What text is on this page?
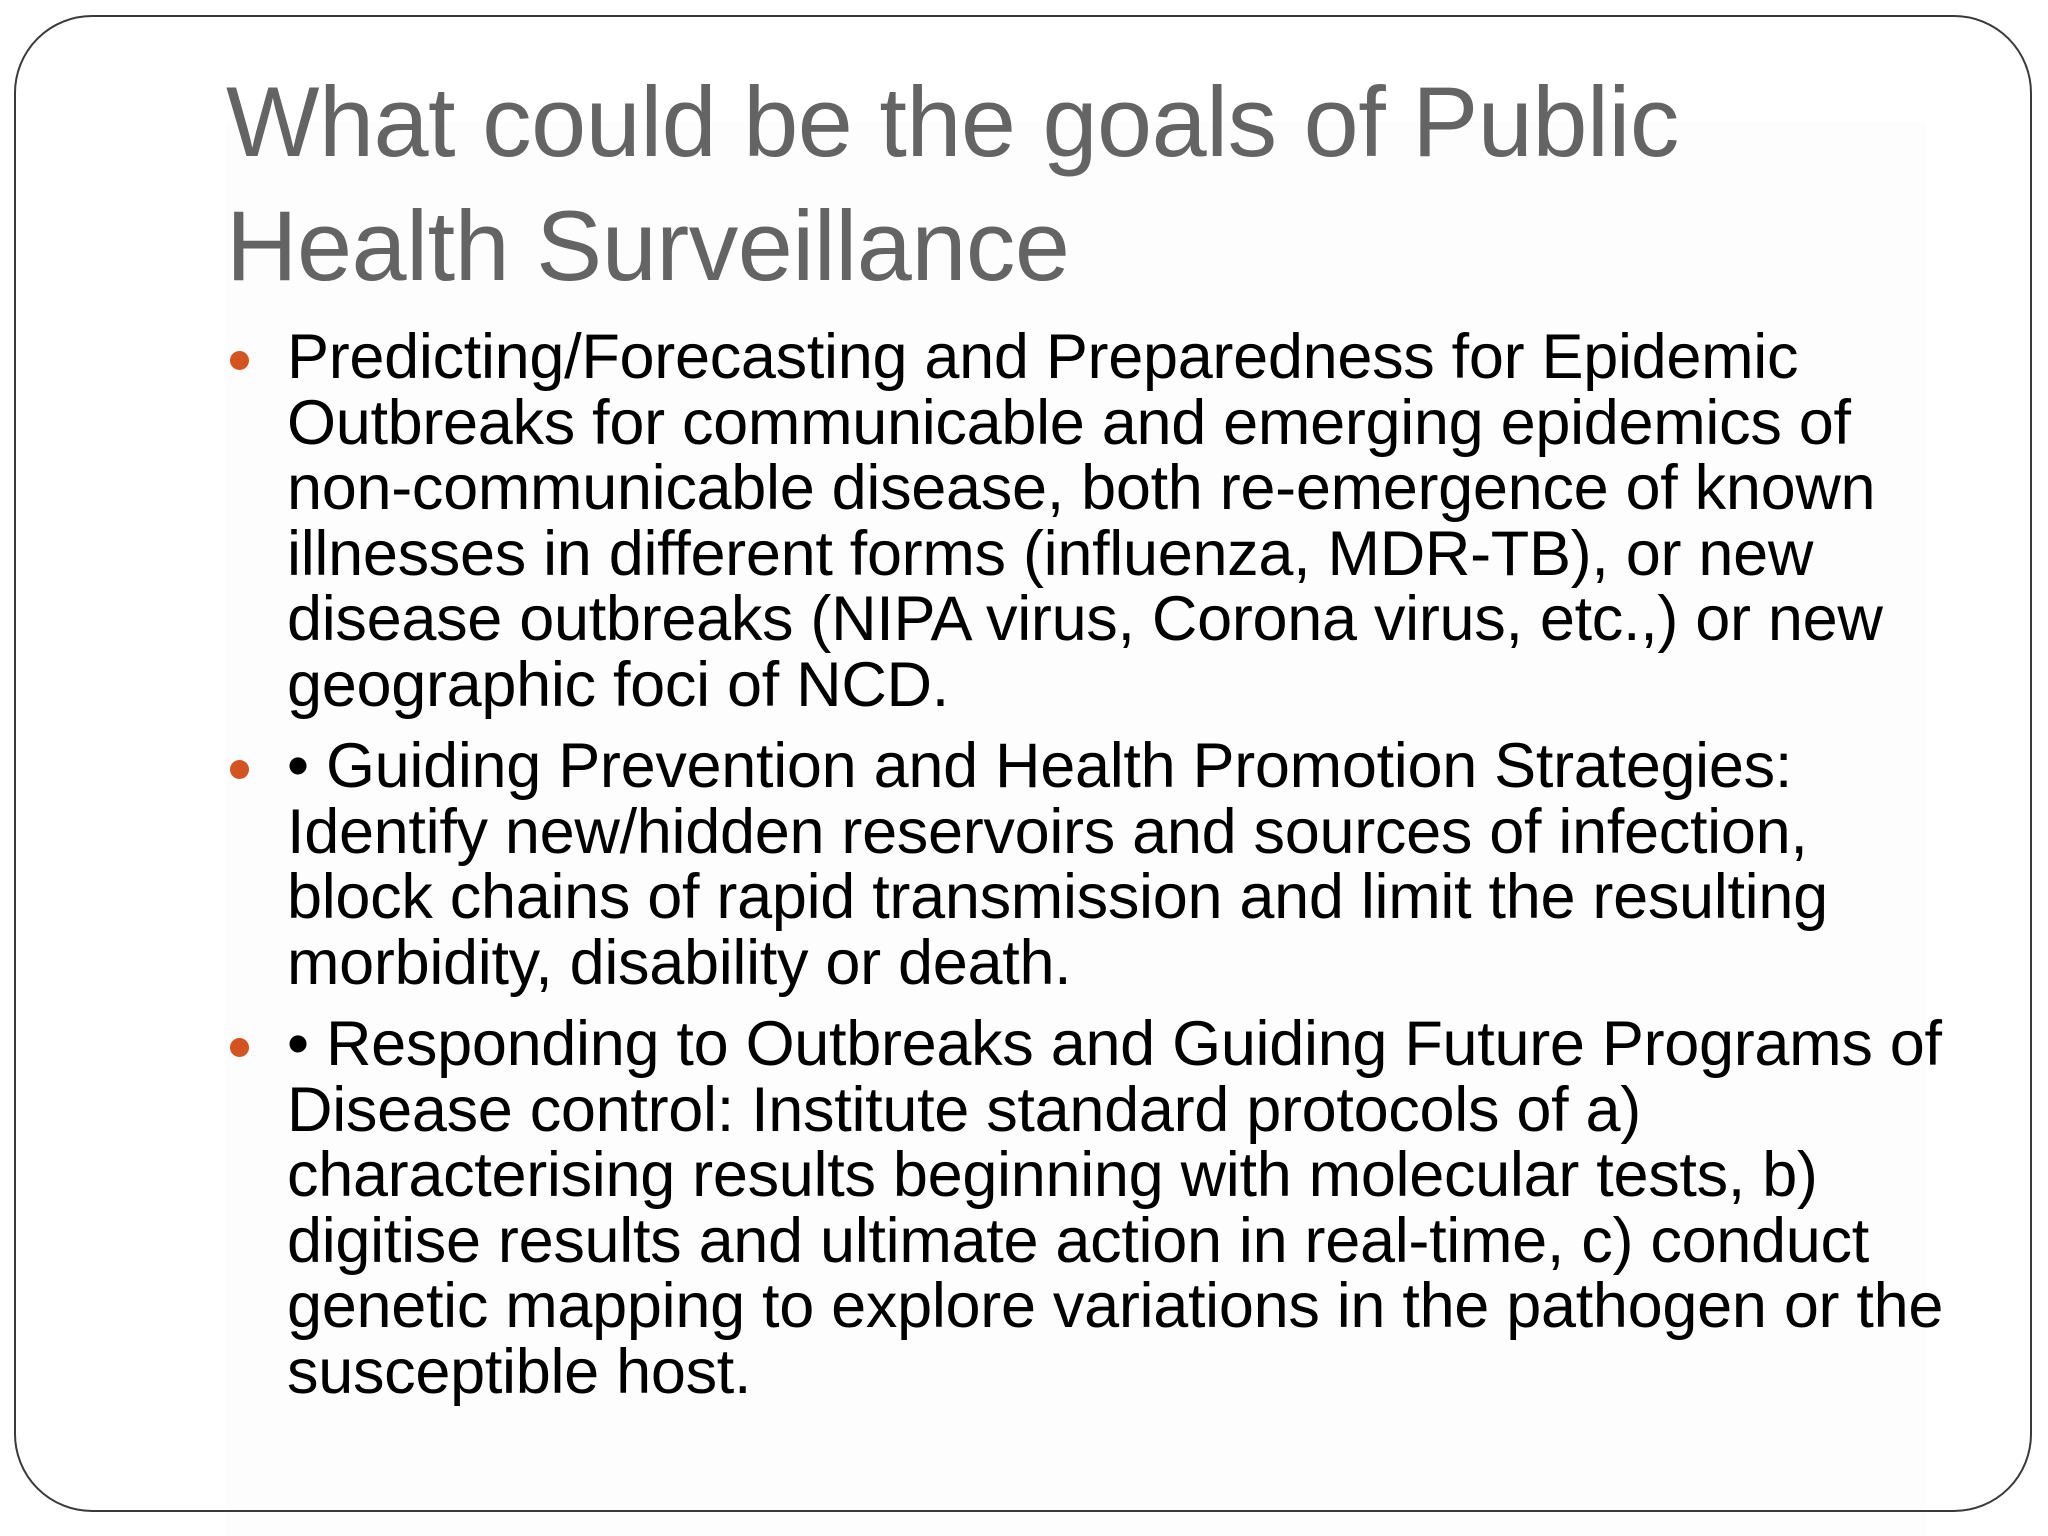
What could be the goals of Public Health Surveillance
Predicting/Forecasting and Preparedness for Epidemic Outbreaks for communicable and emerging epidemics of non-communicable disease, both re-emergence of known illnesses in different forms (influenza, MDR-TB), or new disease outbreaks (NIPA virus, Corona virus, etc.,) or new geographic foci of NCD.
• Guiding Prevention and Health Promotion Strategies: Identify new/hidden reservoirs and sources of infection, block chains of rapid transmission and limit the resulting morbidity, disability or death.
• Responding to Outbreaks and Guiding Future Programs of Disease control: Institute standard protocols of a) characterising results beginning with molecular tests, b) digitise results and ultimate action in real-time, c) conduct genetic mapping to explore variations in the pathogen or the susceptible host.
